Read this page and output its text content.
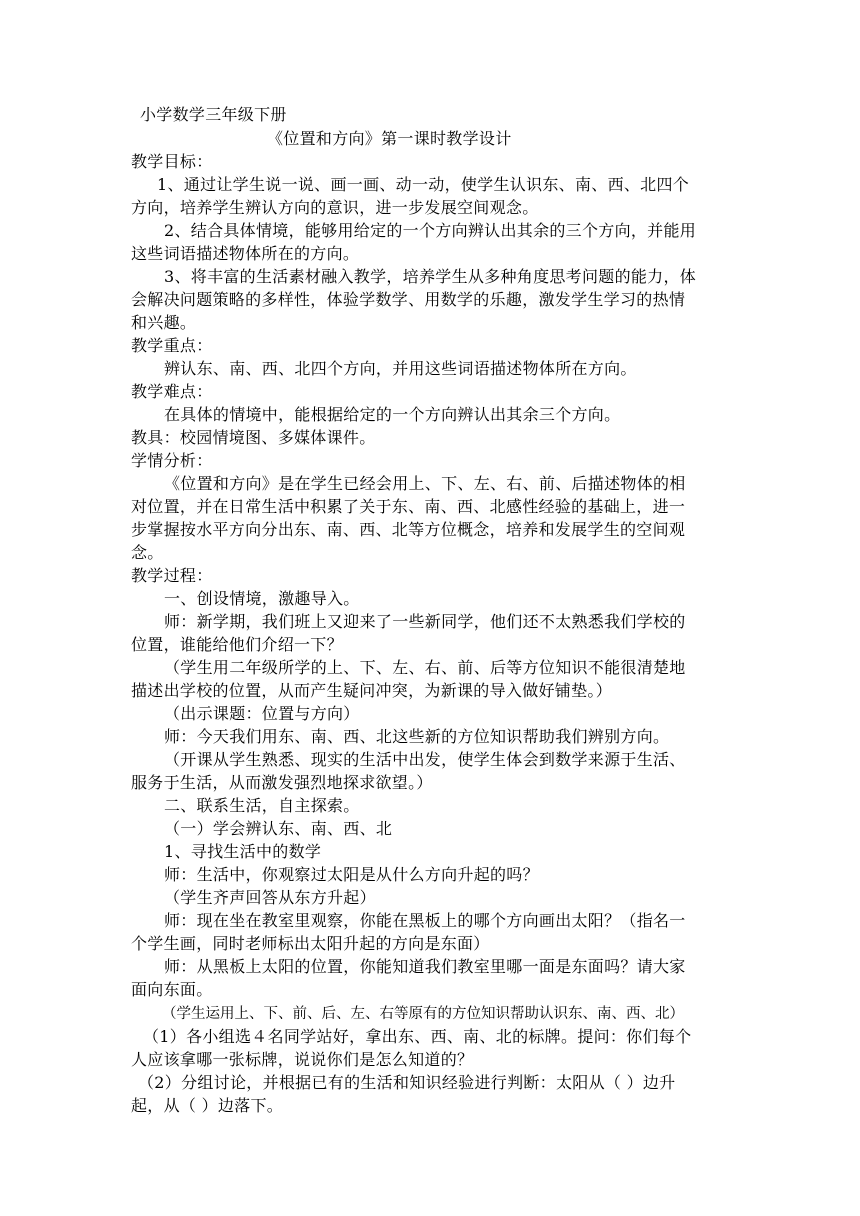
小学数学三年级下册
《位置和方向》第一课时教学设计
教学目标：
1、通过让学生说一说、画一画、动一动，使学生认识东、南、西、北四个
方向，培养学生辨认方向的意识，进一步发展空间观念。
2、结合具体情境，能够用给定的一个方向辨认出其余的三个方向，并能用
这些词语描述物体所在的方向。
3、将丰富的生活素材融入教学，培养学生从多种角度思考问题的能力，体
会解决问题策略的多样性，体验学数学、用数学的乐趣，激发学生学习的热情
和兴趣。
教学重点：
辨认东、南、西、北四个方向，并用这些词语描述物体所在方向。
教学难点：
在具体的情境中，能根据给定的一个方向辨认出其余三个方向。
教具：校园情境图、多媒体课件。
学情分析：
《位置和方向》是在学生已经会用上、下、左、右、前、后描述物体的相
对位置，并在日常生活中积累了关于东、南、西、北感性经验的基础上，进一
步掌握按水平方向分出东、南、西、北等方位概念，培养和发展学生的空间观
念。
教学过程：
一、创设情境，激趣导入。
师：新学期，我们班上又迎来了一些新同学，他们还不太熟悉我们学校的
位置，谁能给他们介绍一下？
（学生用二年级所学的上、下、左、右、前、后等方位知识不能很清楚地
描述出学校的位置，从而产生疑问冲突，为新课的导入做好铺垫。）
（出示课题：位置与方向）
师：今天我们用东、南、西、北这些新的方位知识帮助我们辨别方向。
（开课从学生熟悉、现实的生活中出发，使学生体会到数学来源于生活、
服务于生活，从而激发强烈地探求欲望。）
二、联系生活，自主探索。
（一）学会辨认东、南、西、北
1、寻找生活中的数学
师：生活中，你观察过太阳是从什么方向升起的吗？
（学生齐声回答从东方升起）
师：现在坐在教室里观察，你能在黑板上的哪个方向画出太阳？（指名一
个学生画，同时老师标出太阳升起的方向是东面）
师：从黑板上太阳的位置，你能知道我们教室里哪一面是东面吗？请大家
面向东面。
（学生运用上、下、前、后、左、右等原有的方位知识帮助认识东、南、西、北）
（1）各小组选４名同学站好，拿出东、西、南、北的标牌。提问：你们每个
人应该拿哪一张标牌，说说你们是怎么知道的？
（2）分组讨论，并根据已有的生活和知识经验进行判断：太阳从（ ）边升
起，从（ ）边落下。
